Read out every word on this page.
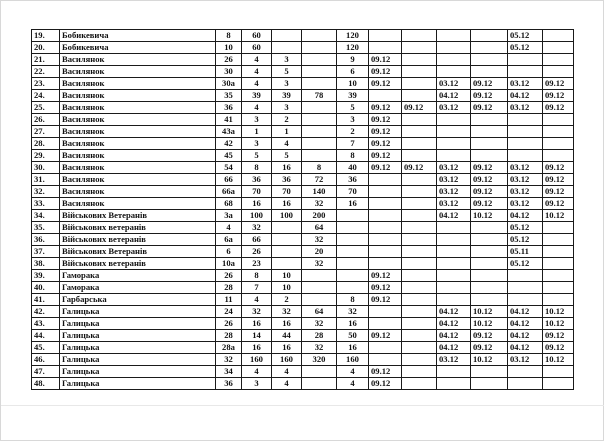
19.	Бобикевича	8	60			120					05.12	
20.	Бобикевича	10	60			120					05.12	
21.	Василянок	26	4	3		9	09.12					
22.	Василянок	30	4	5		6	09.12					
23.	Василянок	30а	4	3		10	09.12		03.12	09.12	03.12	09.12
24.	Василянок	35	39	39	78	39			04.12	09.12	04.12	09.12
25.	Василянок	36	4	3		5	09.12	09.12	03.12	09.12	03.12	09.12
26.	Василянок	41	3	2		3	09.12					
27.	Василянок	43а	1	1		2	09.12					
28.	Василянок	42	3	4		7	09.12					
29.	Василянок	45	5	5		8	09.12					
30.	Василянок	54	8	16	8	40	09.12	09.12	03.12	09.12	03.12	09.12
31.	Василянок	66	36	36	72	36			03.12	09.12	03.12	09.12
32.	Василянок	66а	70	70	140	70			03.12	09.12	03.12	09.12
33.	Василянок	68	16	16	32	16			03.12	09.12	03.12	09.12
34.	Військових Ветеранів	3а	100	100	200				04.12	10.12	04.12	10.12
35.	Військових ветеранів	4	32		64						05.12	
36.	Військових ветеранів	6а	66		32						05.12	
37.	Військових Ветеранів	6	26		20						05.11	
38.	Військових ветеранів	10а	23		32						05.12	
39.	Гаморака	26	8	10			09.12					
40.	Гаморака	28	7	10			09.12					
41.	Гарбарська	11	4	2		8	09.12					
42.	Галицька	24	32	32	64	32			04.12	10.12	04.12	10.12
43.	Галицька	26	16	16	32	16			04.12	10.12	04.12	10.12
44.	Галицька	28	14	44	28	50	09.12		04.12	09.12	04.12	09.12
45.	Галицька	28а	16	16	32	16			04.12	09.12	04.12	09.12
46.	Галицька	32	160	160	320	160			03.12	10.12	03.12	10.12
47.	Галицька	34	4	4		4	09.12					
48.	Галицька	36	3	4		4	09.12					
